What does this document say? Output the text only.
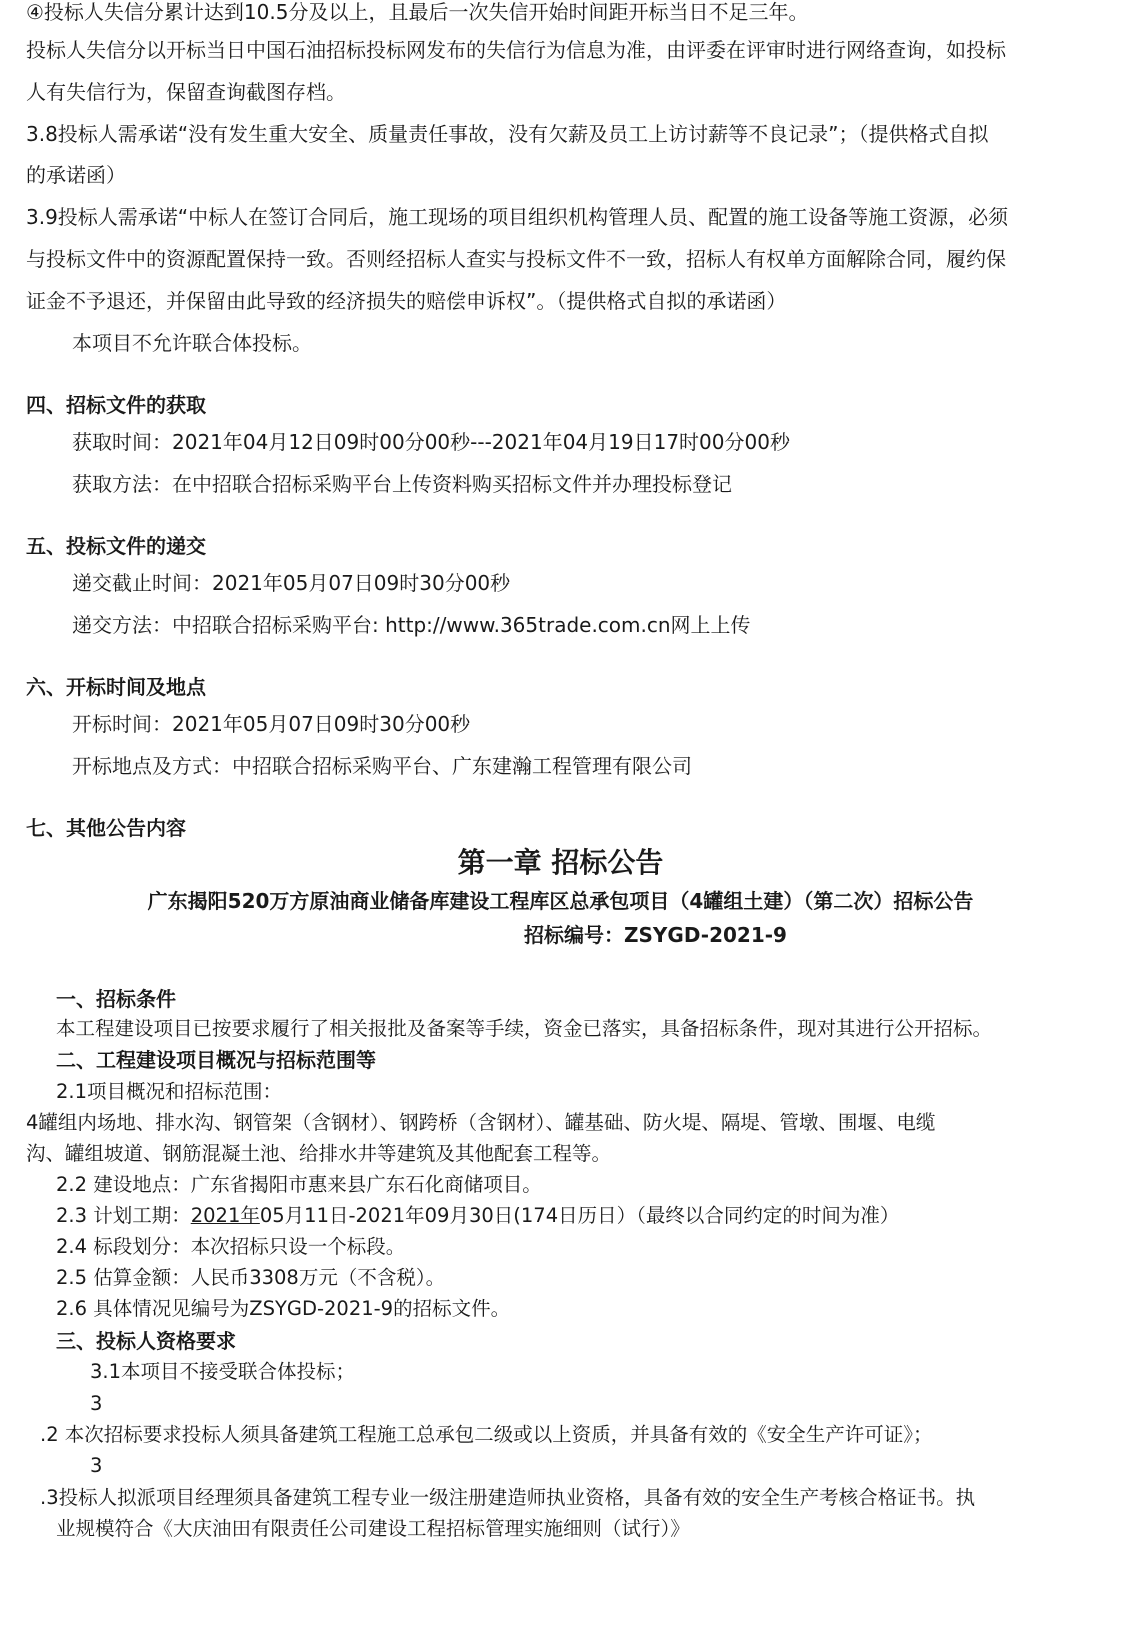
④投标人失信分累计达到10.5分及以上，且最后一次失信开始时间距开标当日不足三年。
投标人失信分以开标当日中国石油招标投标网发布的失信行为信息为准，由评委在评审时进行网络查询，如投标
人有失信行为，保留查询截图存档。
3.8投标人需承诺“没有发生重大安全、质量责任事故，没有欠薪及员工上访讨薪等不良记录”；（提供格式自拟
的承诺函）
3.9投标人需承诺“中标人在签订合同后，施工现场的项目组织机构管理人员、配置的施工设备等施工资源，必须
与投标文件中的资源配置保持一致。否则经招标人查实与投标文件不一致，招标人有权单方面解除合同，履约保
证金不予退还，并保留由此导致的经济损失的赔偿申诉权”。（提供格式自拟的承诺函）
本项目不允许联合体投标。
四、招标文件的获取
获取时间：2021年04月12日09时00分00秒---2021年04月19日17时00分00秒
获取方法：在中招联合招标采购平台上传资料购买招标文件并办理投标登记
五、投标文件的递交
递交截止时间：2021年05月07日09时30分00秒
递交方法：中招联合招标采购平台: http://www.365trade.com.cn网上上传
六、开标时间及地点
开标时间：2021年05月07日09时30分00秒
开标地点及方式：中招联合招标采购平台、广东建瀚工程管理有限公司
七、其他公告内容
第一章 招标公告
广东揭阳520万方原油商业储备库建设工程库区总承包项目（4罐组土建）（第二次）招标公告
招标编号：ZSYGD-2021-9
一、招标条件
本工程建设项目已按要求履行了相关报批及备案等手续，资金已落实，具备招标条件，现对其进行公开招标。
二、工程建设项目概况与招标范围等
2.1项目概况和招标范围：
4罐组内场地、排水沟、钢管架（含钢材）、钢跨桥（含钢材）、罐基础、防火堤、隔堤、管墩、围堰、电缆
沟、罐组坡道、钢筋混凝土池、给排水井等建筑及其他配套工程等。
2.2 建设地点：广东省揭阳市惠来县广东石化商储项目。
2.3 计划工期：2021年05月11日-2021年09月30日(174日历日）（最终以合同约定的时间为准）
2.4 标段划分：本次招标只设一个标段。
2.5 估算金额：人民币3308万元（不含税）。
2.6 具体情况见编号为ZSYGD-2021-9的招标文件。
三、投标人资格要求
3.1本项目不接受联合体投标；
3
.2 本次招标要求投标人须具备建筑工程施工总承包二级或以上资质，并具备有效的《安全生产许可证》；
3
.3投标人拟派项目经理须具备建筑工程专业一级注册建造师执业资格，具备有效的安全生产考核合格证书。执
业规模符合《大庆油田有限责任公司建设工程招标管理实施细则（试行）》
